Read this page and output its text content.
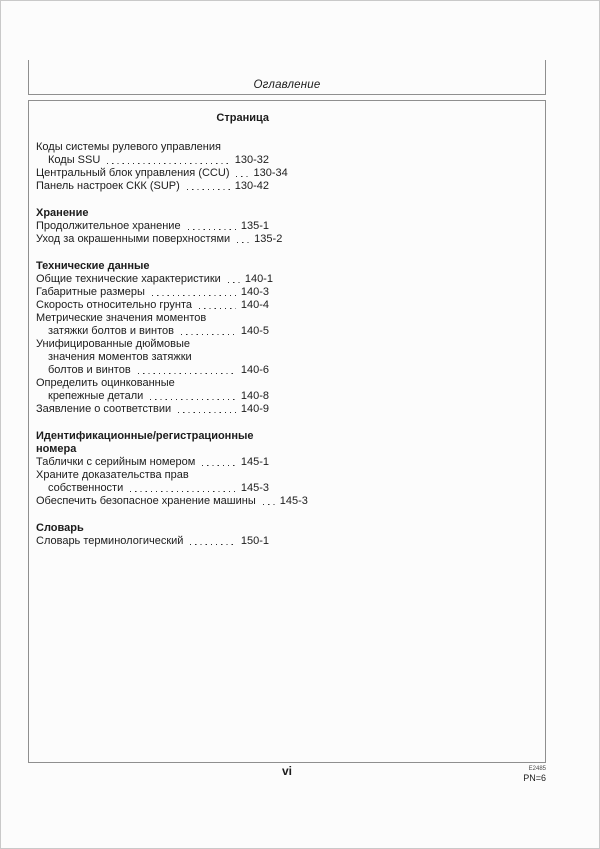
Оглавление
Страница
Коды системы рулевого управления
Коды SSU	130-32
Центральный блок управления (CCU) 130-34
Панель настроек СКК (SUP)	130-42
Хранение
Продолжительное хранение	135-1
Уход за окрашенными поверхностями 135-2
Технические данные
Общие технические характеристики 140-1
Габаритные размеры	140-3
Скорость относительно грунта	140-4
Метрические значения моментов
затяжки болтов и винтов	140-5
Унифицированные дюймовые
значения моментов затяжки
болтов и винтов	140-6
Определить оцинкованные
крепежные детали	140-8
Заявление о соответствии	140-9
Идентификационные/регистрационные номера
Таблички с серийным номером	145-1
Храните доказательства прав
собственности	145-3
Обеспечить безопасное хранение машины 145-3
Словарь
Словарь терминологический	150-1
vi	E2485
PN=6
